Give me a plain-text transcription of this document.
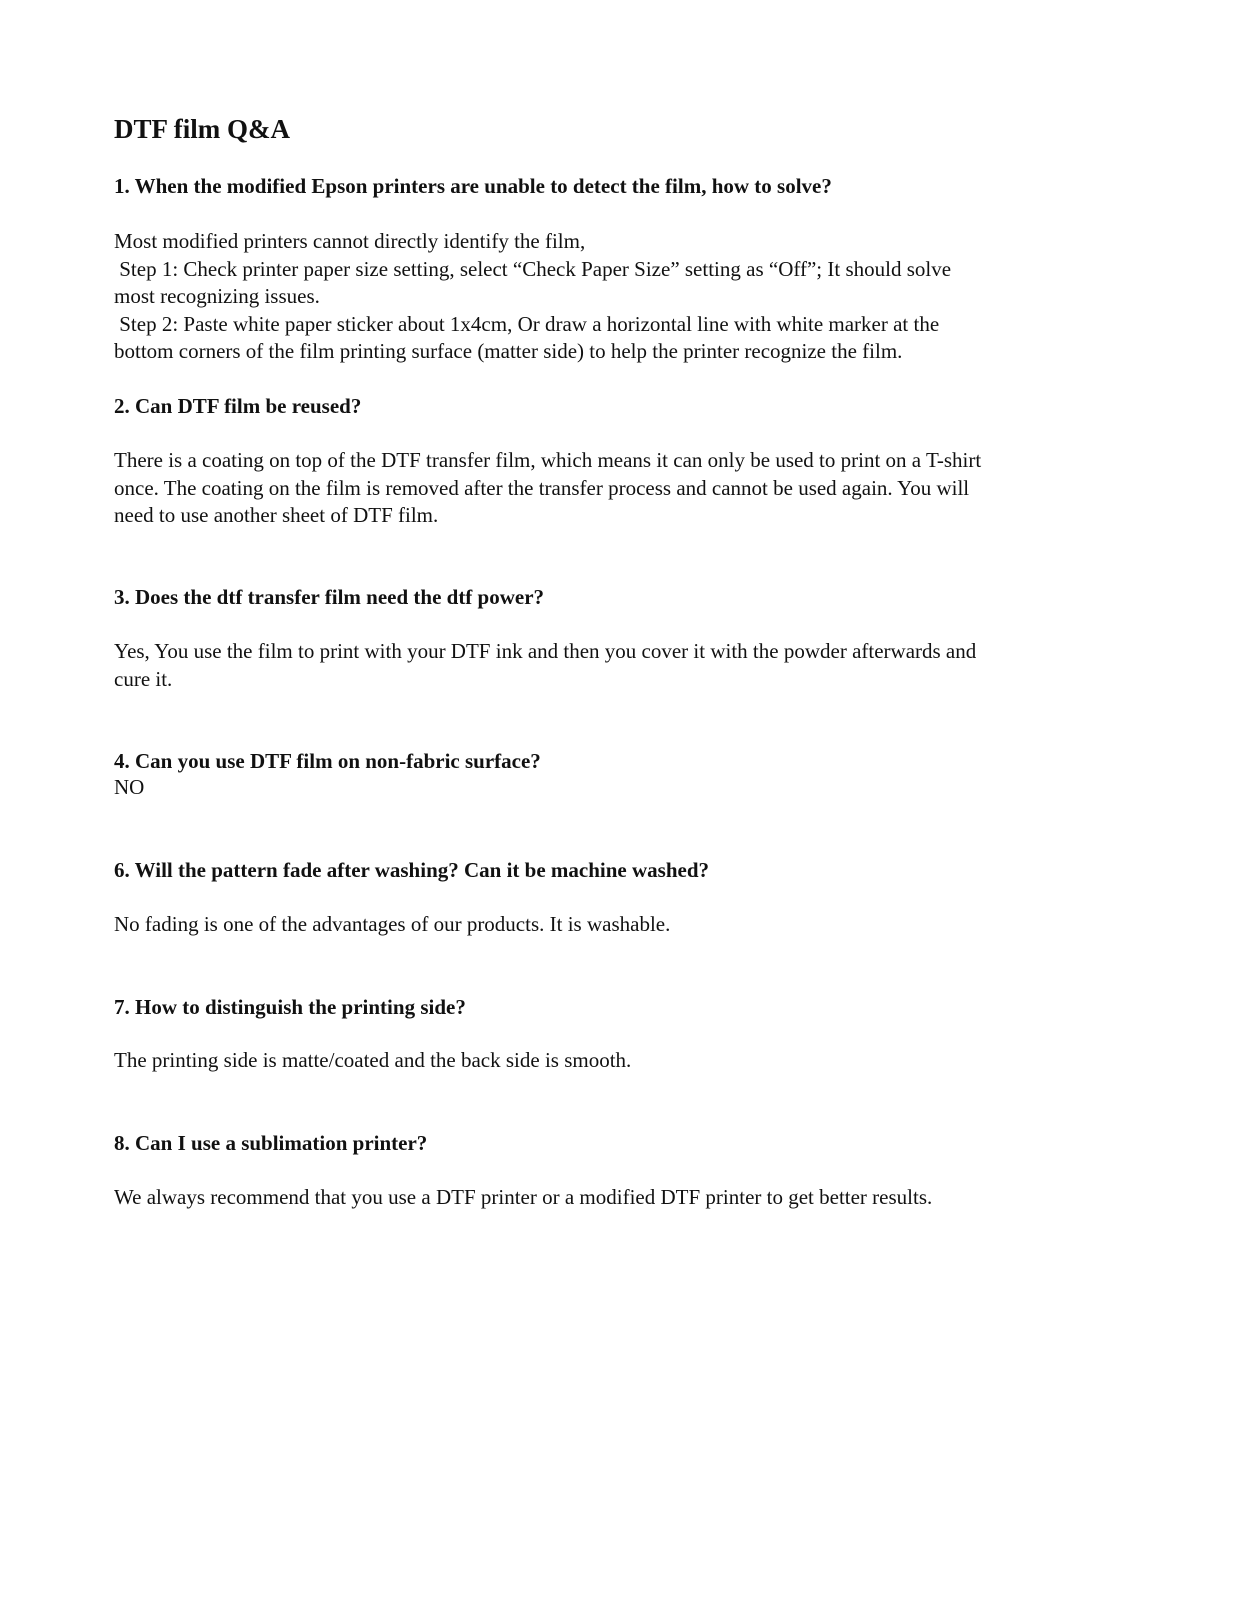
DTF film Q&A
1. When the modified Epson printers are unable to detect the film, how to solve?
Most modified printers cannot directly identify the film,
Step 1: Check printer paper size setting, select “Check Paper Size” setting as “Off”; It should solve
most recognizing issues.
Step 2: Paste white paper sticker about 1x4cm, Or draw a horizontal line with white marker at the
bottom corners of the film printing surface (matter side) to help the printer recognize the film.
2. Can DTF film be reused?
There is a coating on top of the DTF transfer film, which means it can only be used to print on a T-shirt
once. The coating on the film is removed after the transfer process and cannot be used again. You will
need to use another sheet of DTF film.
3. Does the dtf transfer film need the dtf power?
Yes, You use the film to print with your DTF ink and then you cover it with the powder afterwards and
cure it.
4. Can you use DTF film on non-fabric surface?
NO
6. Will the pattern fade after washing? Can it be machine washed?
No fading is one of the advantages of our products. It is washable.
7. How to distinguish the printing side?
The printing side is matte/coated and the back side is smooth.
8. Can I use a sublimation printer?
We always recommend that you use a DTF printer or a modified DTF printer to get better results.
